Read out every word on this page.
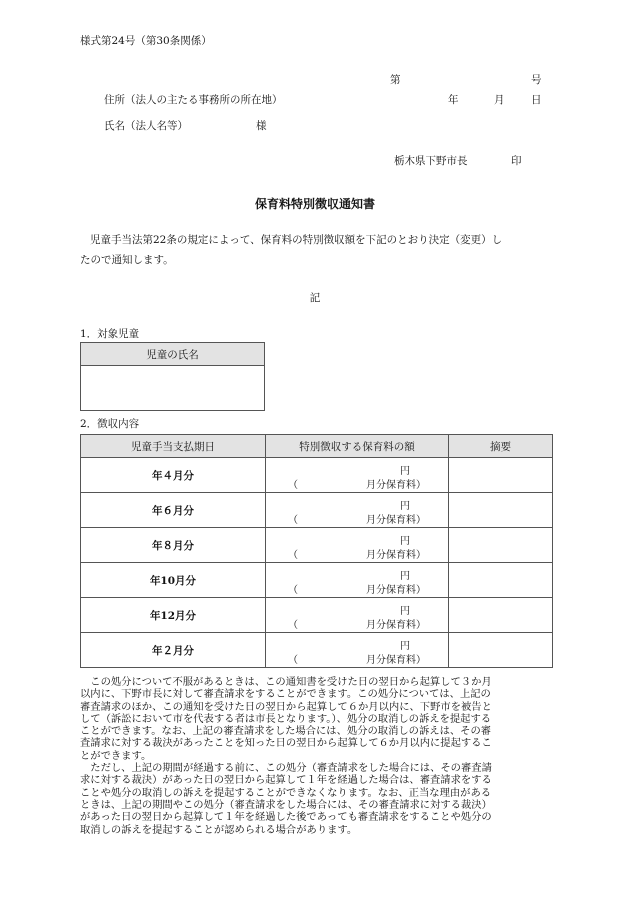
様式第24号（第30条関係）
第	号
住所（法人の主たる事務所の所在地）	年	月	日
氏名（法人名等）	様
栃木県下野市長	印
保育料特別徴収通知書
児童手当法第22条の規定によって、保育料の特別徴収額を下記のとおり決定（変更）し
たので通知します。
記
1．対象児童
児童の氏名

2．徴収内容
児童手当支払期日	特別徴収する保育料の額	摘要
年４月分	円
（ 月分保育料）	

年６月分	円
（ 月分保育料）	

年８月分	円
（ 月分保育料）	

年10月分	円
（ 月分保育料）	

年12月分	円
（ 月分保育料）	

年２月分	円
（ 月分保育料）	

　この処分について不服があるときは、この通知書を受けた日の翌日から起算して３か月
以内に、下野市長に対して審査請求をすることができます。この処分については、上記の
審査請求のほか、この通知を受けた日の翌日から起算して６か月以内に、下野市を被告と
して（訴訟において市を代表する者は市長となります。）、処分の取消しの訴えを提起する
ことができます。なお、上記の審査請求をした場合には、処分の取消しの訴えは、その審
査請求に対する裁決があったことを知った日の翌日から起算して６か月以内に提起するこ
とができます。
　ただし、上記の期間が経過する前に、この処分（審査請求をした場合には、その審査請
求に対する裁決）があった日の翌日から起算して１年を経過した場合は、審査請求をする
ことや処分の取消しの訴えを提起することができなくなります。なお、正当な理由がある
ときは、上記の期間やこの処分（審査請求をした場合には、その審査請求に対する裁決）
があった日の翌日から起算して１年を経過した後であっても審査請求をすることや処分の
取消しの訴えを提起することが認められる場合があります。
